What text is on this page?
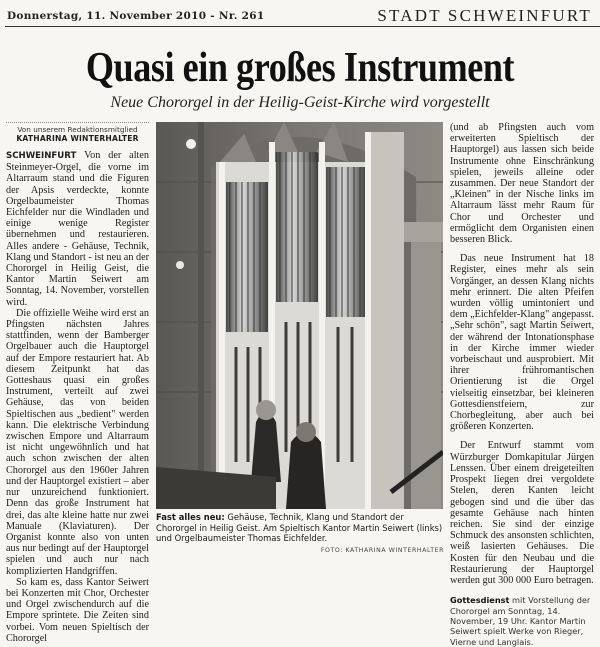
Donnerstag, 11. November 2010 - Nr. 261	STADT SCHWEINFURT
Quasi ein großes Instrument
Neue Chororgel in der Heilig-Geist-Kirche wird vorgestellt
Von unserem Redaktionsmitglied
KATHARINA WINTERHALTER

SCHWEINFURT Von der alten Steinmeyer-Orgel, die vorne im Altarraum stand und die Figuren der Apsis verdeckte, konnte Orgelbaumeister Thomas Eichfelder nur die Windladen und einige wenige Register übernehmen und restaurieren. Alles andere - Gehäuse, Technik, Klang und Standort - ist neu an der Chororgel in Heilig Geist, die Kantor Martin Seiwert am Sonntag, 14. November, vorstellen wird.

Die offizielle Weihe wird erst an Pfingsten nächsten Jahres stattfinden, wenn der Bamberger Orgelbauer auch die Hauptorgel auf der Empore restauriert hat. Ab diesem Zeitpunkt hat das Gotteshaus quasi ein großes Instrument, verteilt auf zwei Gehäuse, das von beiden Spieltischen aus „bedient" werden kann. Die elektrische Verbindung zwischen Empore und Altarraum ist nicht ungewöhnlich und hat auch schon zwischen der alten Chororgel aus den 1960er Jahren und der Hauptorgel existiert – aber nur unzureichend funktioniert. Denn das große Instrument hat drei, das alte kleine hatte nur zwei Manuale (Klaviaturen). Der Organist konnte also von unten aus nur bedingt auf der Hauptorgel spielen und auch nur nach komplizierten Handgriffen.

So kam es, dass Kantor Seiwert bei Konzerten mit Chor, Orchester und Orgel zwischendurch auf die Empore sprintete. Die Zeiten sind vorbei. Vom neuen Spieltisch der Chororgel

Fast alles neu: Gehäuse, Technik, Klang und Standort der Chororgel in Heilig Geist. Am Spieltisch Kantor Martin Seiwert (links) und Orgelbaumeister Thomas Eichfelder.
FOTO: KATHARINA WINTERHALTER

(und ab Pfingsten auch vom erweiterten Spieltisch der Hauptorgel) aus lassen sich beide Instrumente ohne Einschränkung spielen, jeweils alleine oder zusammen. Der neue Standort der „Kleinen" in der Nische links im Altarraum lässt mehr Raum für Chor und Orchester und ermöglicht dem Organisten einen besseren Blick.

Das neue Instrument hat 18 Register, eines mehr als sein Vorgänger, an dessen Klang nichts mehr erinnert. Die alten Pfeifen wurden völlig umintoniert und dem „Eichfelder-Klang" angepasst. „Sehr schön", sagt Martin Seiwert, der während der Intonationsphase in der Kirche immer wieder vorbeischaut und ausprobiert. Mit ihrer frühromantischen Orientierung ist die Orgel vielseitig einsetzbar, bei kleineren Gottesdienstfeiern, zur Chorbegleitung, aber auch bei größeren Konzerten.

Der Entwurf stammt vom Würzburger Domkapitular Jürgen Lenssen. Über einem dreigeteilten Prospekt liegen drei vergoldete Stelen, deren Kanten leicht gebogen sind und die über das gesamte Gehäuse nach hinten reichen. Sie sind der einzige Schmuck des ansonsten schlichten, weiß lasierten Gehäuses. Die Kosten für den Neubau und die Restaurierung der Hauptorgel werden gut 300 000 Euro betragen.

Gottesdienst mit Vorstellung der Chororgel am Sonntag, 14. November, 19 Uhr. Kantor Martin Seiwert spielt Werke von Rieger, Vierne und Langlais.
